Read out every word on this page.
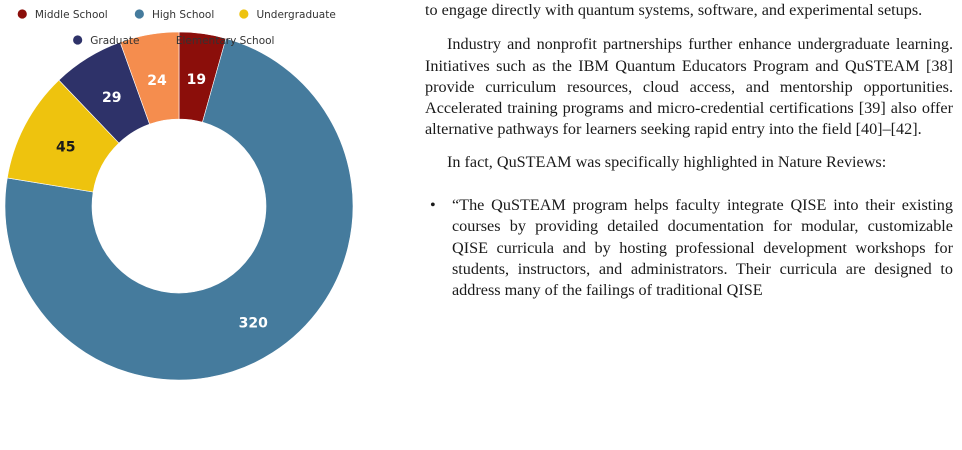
19
320
45
29
24
Middle School	High School	Undergraduate
Graduate	Elementary School

to engage directly with quantum systems, software, and experimental setups.

Industry and nonprofit partnerships further enhance undergraduate learning. Initiatives such as the IBM Quantum Educators Program and QuSTEAM [38] provide curriculum resources, cloud access, and mentorship opportunities. Accelerated training programs and micro-credential certifications [39] also offer alternative pathways for learners seeking rapid entry into the field [40]–[42].

In fact, QuSTEAM was specifically highlighted in Nature Reviews:

• “The QuSTEAM program helps faculty integrate QISE into their existing courses by providing detailed documentation for modular, customizable QISE curricula and by hosting professional development workshops for students, instructors, and administrators. Their curricula are designed to address many of the failings of traditional QISE
